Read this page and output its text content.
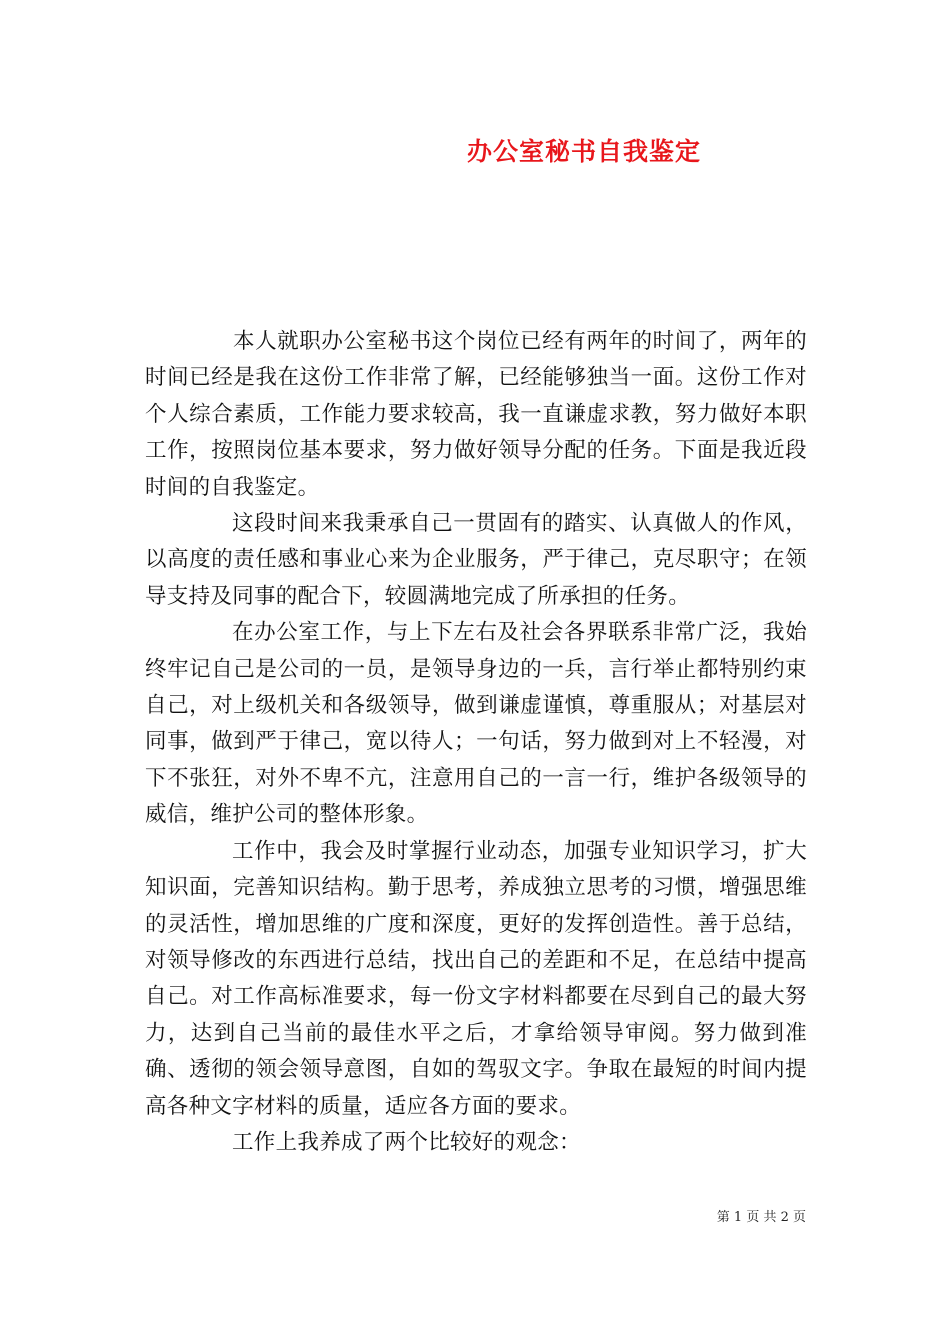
办公室秘书自我鉴定

本人就职办公室秘书这个岗位已经有两年的时间了，两年的时间已经是我在这份工作非常了解，已经能够独当一面。这份工作对个人综合素质，工作能力要求较高，我一直谦虚求教，努力做好本职工作，按照岗位基本要求，努力做好领导分配的任务。下面是我近段时间的自我鉴定。

这段时间来我秉承自己一贯固有的踏实、认真做人的作风，以高度的责任感和事业心来为企业服务，严于律己，克尽职守；在领导支持及同事的配合下，较圆满地完成了所承担的任务。

在办公室工作，与上下左右及社会各界联系非常广泛，我始终牢记自己是公司的一员，是领导身边的一兵，言行举止都特别约束自己，对上级机关和各级领导，做到谦虚谨慎，尊重服从；对基层对同事，做到严于律己，宽以待人；一句话，努力做到对上不轻漫，对下不张狂，对外不卑不亢，注意用自己的一言一行，维护各级领导的威信，维护公司的整体形象。

工作中，我会及时掌握行业动态，加强专业知识学习，扩大知识面，完善知识结构。勤于思考，养成独立思考的习惯，增强思维的灵活性，增加思维的广度和深度，更好的发挥创造性。善于总结，对领导修改的东西进行总结，找出自己的差距和不足，在总结中提高自己。对工作高标准要求，每一份文字材料都要在尽到自己的最大努力，达到自己当前的最佳水平之后，才拿给领导审阅。努力做到准确、透彻的领会领导意图，自如的驾驭文字。争取在最短的时间内提高各种文字材料的质量，适应各方面的要求。

工作上我养成了两个比较好的观念：

第 1 页 共 2 页
